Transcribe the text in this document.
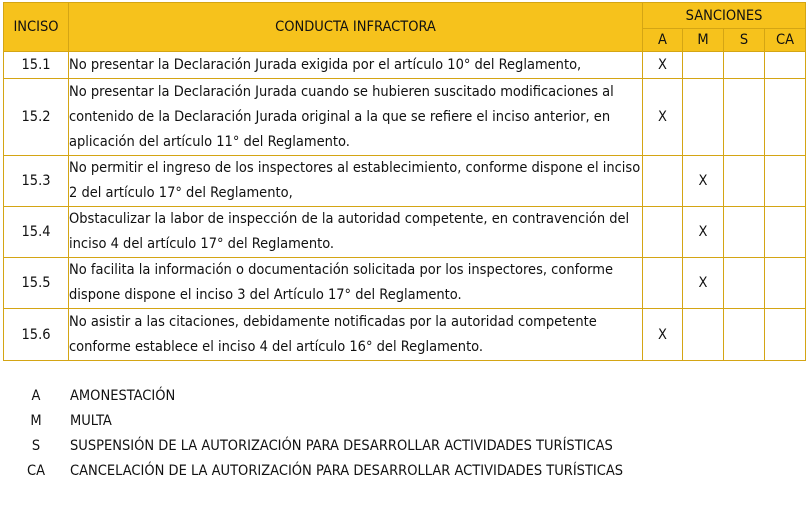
INCISO	CONDUCTA INFRACTORA	SANCIONES			
		A	M	S	CA
15.1	No presentar la Declaración Jurada exigida por el artículo 10° del Reglamento,	X			
15.2	No presentar la Declaración Jurada cuando se hubieren suscitado modificaciones al contenido de la Declaración Jurada original a la que se refiere el inciso anterior, en aplicación del artículo 11° del Reglamento.	X			
15.3	No permitir el ingreso de los inspectores al establecimiento, conforme dispone el inciso 2 del artículo 17° del Reglamento,		X		
15.4	Obstaculizar la labor de inspección de la autoridad competente, en contravención del inciso 4 del artículo 17° del Reglamento.		X		
15.5	No facilita la información o documentación solicitada por los inspectores, conforme dispone dispone el inciso 3 del Artículo 17° del Reglamento.		X		
15.6	No asistir a las citaciones, debidamente notificadas por la autoridad competente conforme establece el inciso 4 del artículo 16° del Reglamento.	X			
A	AMONESTACIÓN
M	MULTA
S	SUSPENSIÓN DE LA AUTORIZACIÓN PARA DESARROLLAR ACTIVIDADES TURÍSTICAS
CA	CANCELACIÓN DE LA AUTORIZACIÓN PARA DESARROLLAR ACTIVIDADES TURÍSTICAS
